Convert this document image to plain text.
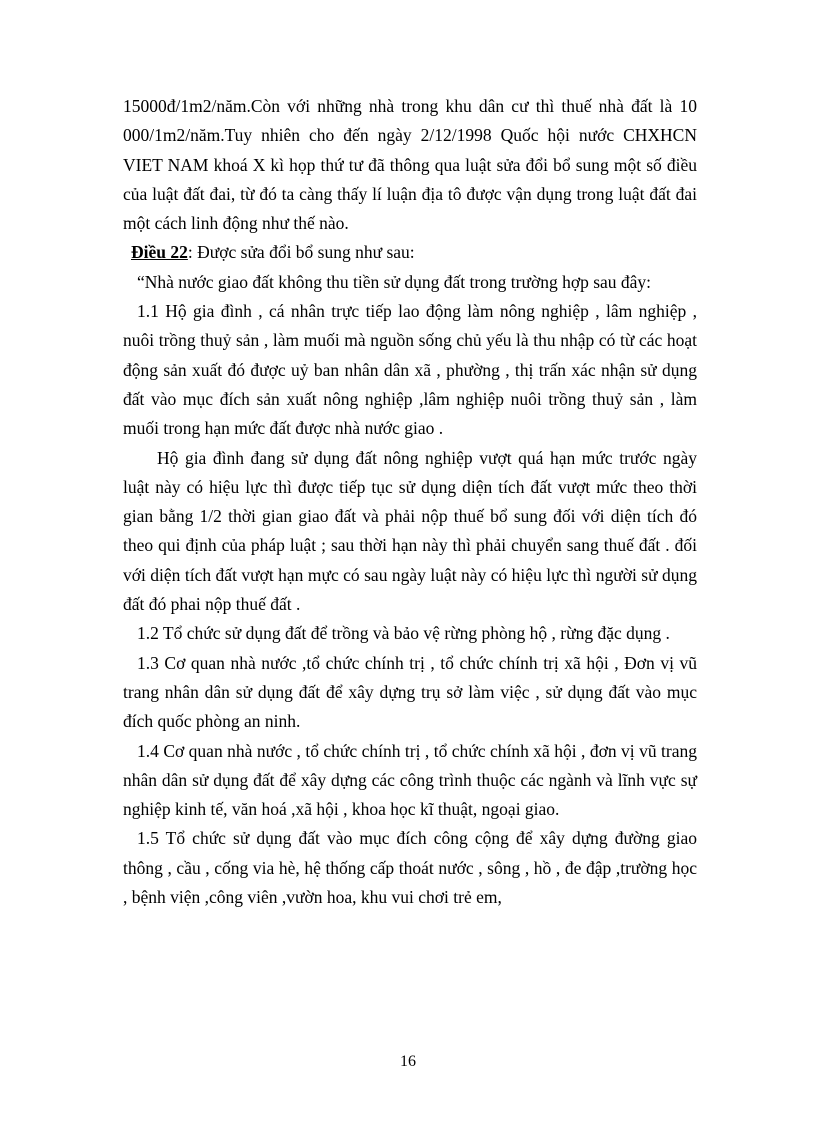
15000đ/1m2/năm.Còn với những nhà trong khu dân cư thì thuế nhà đất là 10 000/1m2/năm.Tuy nhiên cho đến ngày 2/12/1998 Quốc hội nước CHXHCN VIET NAM khoá X kì họp thứ tư đã thông qua luật sửa đổi bổ sung một số điều của luật đất đai, từ đó ta càng thấy lí luận địa tô được vận dụng trong luật đất đai một cách linh động như thế nào.

Điều 22: Được sửa đổi bổ sung như sau:

“Nhà nước giao đất không thu tiền sử dụng đất trong trường hợp sau đây:

1.1 Hộ gia đình , cá nhân trực tiếp lao động làm nông nghiệp , lâm nghiệp , nuôi trồng thuỷ sản , làm muối mà nguồn sống chủ yếu là thu nhập có từ các hoạt động sản xuất đó được uỷ ban nhân dân xã , phường , thị trấn xác nhận sử dụng đất vào mục đích sản xuất nông nghiệp ,lâm nghiệp nuôi trồng thuỷ sản , làm muối trong hạn mức đất được nhà nước giao .

Hộ gia đình đang sử dụng đất nông nghiệp vượt quá hạn mức trước ngày luật này có hiệu lực thì được tiếp tục sử dụng diện tích đất vượt mức theo thời gian bằng 1/2 thời gian giao đất và phải nộp thuế bổ sung đối với diện tích đó theo qui định của pháp luật ; sau thời hạn này thì phải chuyển sang thuế đất . đối với diện tích đất vượt hạn mực có sau ngày luật này có hiệu lực thì người sử dụng đất đó phai nộp thuế đất .

1.2 Tổ chức sử dụng đất để trồng và bảo vệ rừng phòng hộ , rừng đặc dụng .

1.3 Cơ quan nhà nước ,tổ chức chính trị , tổ chức chính trị xã hội , Đơn vị vũ trang nhân dân sử dụng đất để xây dựng trụ sở làm việc , sử dụng đất vào mục đích quốc phòng an ninh.

1.4 Cơ quan nhà nước , tổ chức chính trị , tổ chức chính xã hội , đơn vị vũ trang nhân dân sử dụng đất để xây dựng các công trình thuộc các ngành và lĩnh vực sự nghiệp kinh tế, văn hoá ,xã hội , khoa học kĩ thuật, ngoại giao.

1.5 Tổ chức sử dụng đất vào mục đích công cộng để xây dựng đường giao thông , cầu , cống via hè, hệ thống cấp thoát nước , sông , hồ , đe đập ,trường học , bệnh viện ,công viên ,vườn hoa, khu vui chơi trẻ em,

16
